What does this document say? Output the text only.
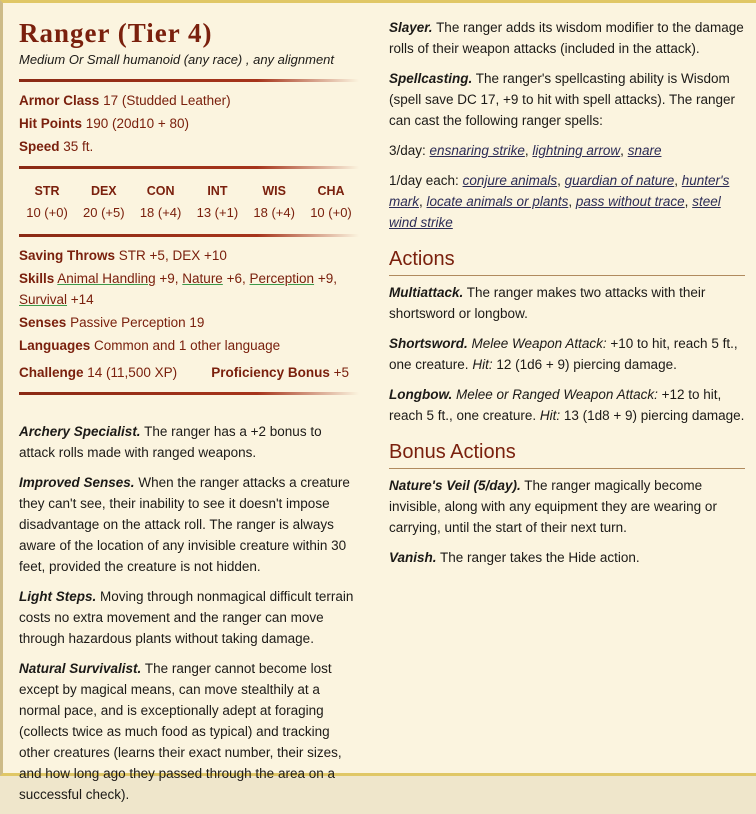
Ranger (Tier 4)
Medium Or Small humanoid (any race) , any alignment
Armor Class 17 (Studded Leather)
Hit Points 190 (20d10 + 80)
Speed 35 ft.
STR
10 (+0)
DEX
20 (+5)
CON
18 (+4)
INT
13 (+1)
WIS
18 (+4)
CHA
10 (+0)
Saving Throws STR +5, DEX +10
Skills Animal Handling +9, Nature +6, Perception +9, Survival +14
Senses Passive Perception 19
Languages Common and 1 other language
Challenge 14 (11,500 XP)	Proficiency Bonus +5

Archery Specialist. The ranger has a +2 bonus to attack rolls made with ranged weapons.

Improved Senses. When the ranger attacks a creature they can't see, their inability to see it doesn't impose disadvantage on the attack roll. The ranger is always aware of the location of any invisible creature within 30 feet, provided the creature is not hidden.

Light Steps. Moving through nonmagical difficult terrain costs no extra movement and the ranger can move through hazardous plants without taking damage.

Natural Survivalist. The ranger cannot become lost except by magical means, can move stealthily at a normal pace, and is exceptionally adept at foraging (collects twice as much food as typical) and tracking other creatures (learns their exact number, their sizes, and how long ago they passed through the area on a successful check).

Slayer. The ranger adds its wisdom modifier to the damage rolls of their weapon attacks (included in the attack).

Spellcasting. The ranger's spellcasting ability is Wisdom (spell save DC 17, +9 to hit with spell attacks). The ranger can cast the following ranger spells:

3/day: ensnaring strike, lightning arrow, snare

1/day each: conjure animals, guardian of nature, hunter's mark, locate animals or plants, pass without trace, steel wind strike

Actions

Multiattack. The ranger makes two attacks with their shortsword or longbow.

Shortsword. Melee Weapon Attack: +10 to hit, reach 5 ft., one creature. Hit: 12 (1d6 + 9) piercing damage.

Longbow. Melee or Ranged Weapon Attack: +12 to hit, reach 5 ft., one creature. Hit: 13 (1d8 + 9) piercing damage.

Bonus Actions

Nature's Veil (5/day). The ranger magically become invisible, along with any equipment they are wearing or carrying, until the start of their next turn.

Vanish. The ranger takes the Hide action.
